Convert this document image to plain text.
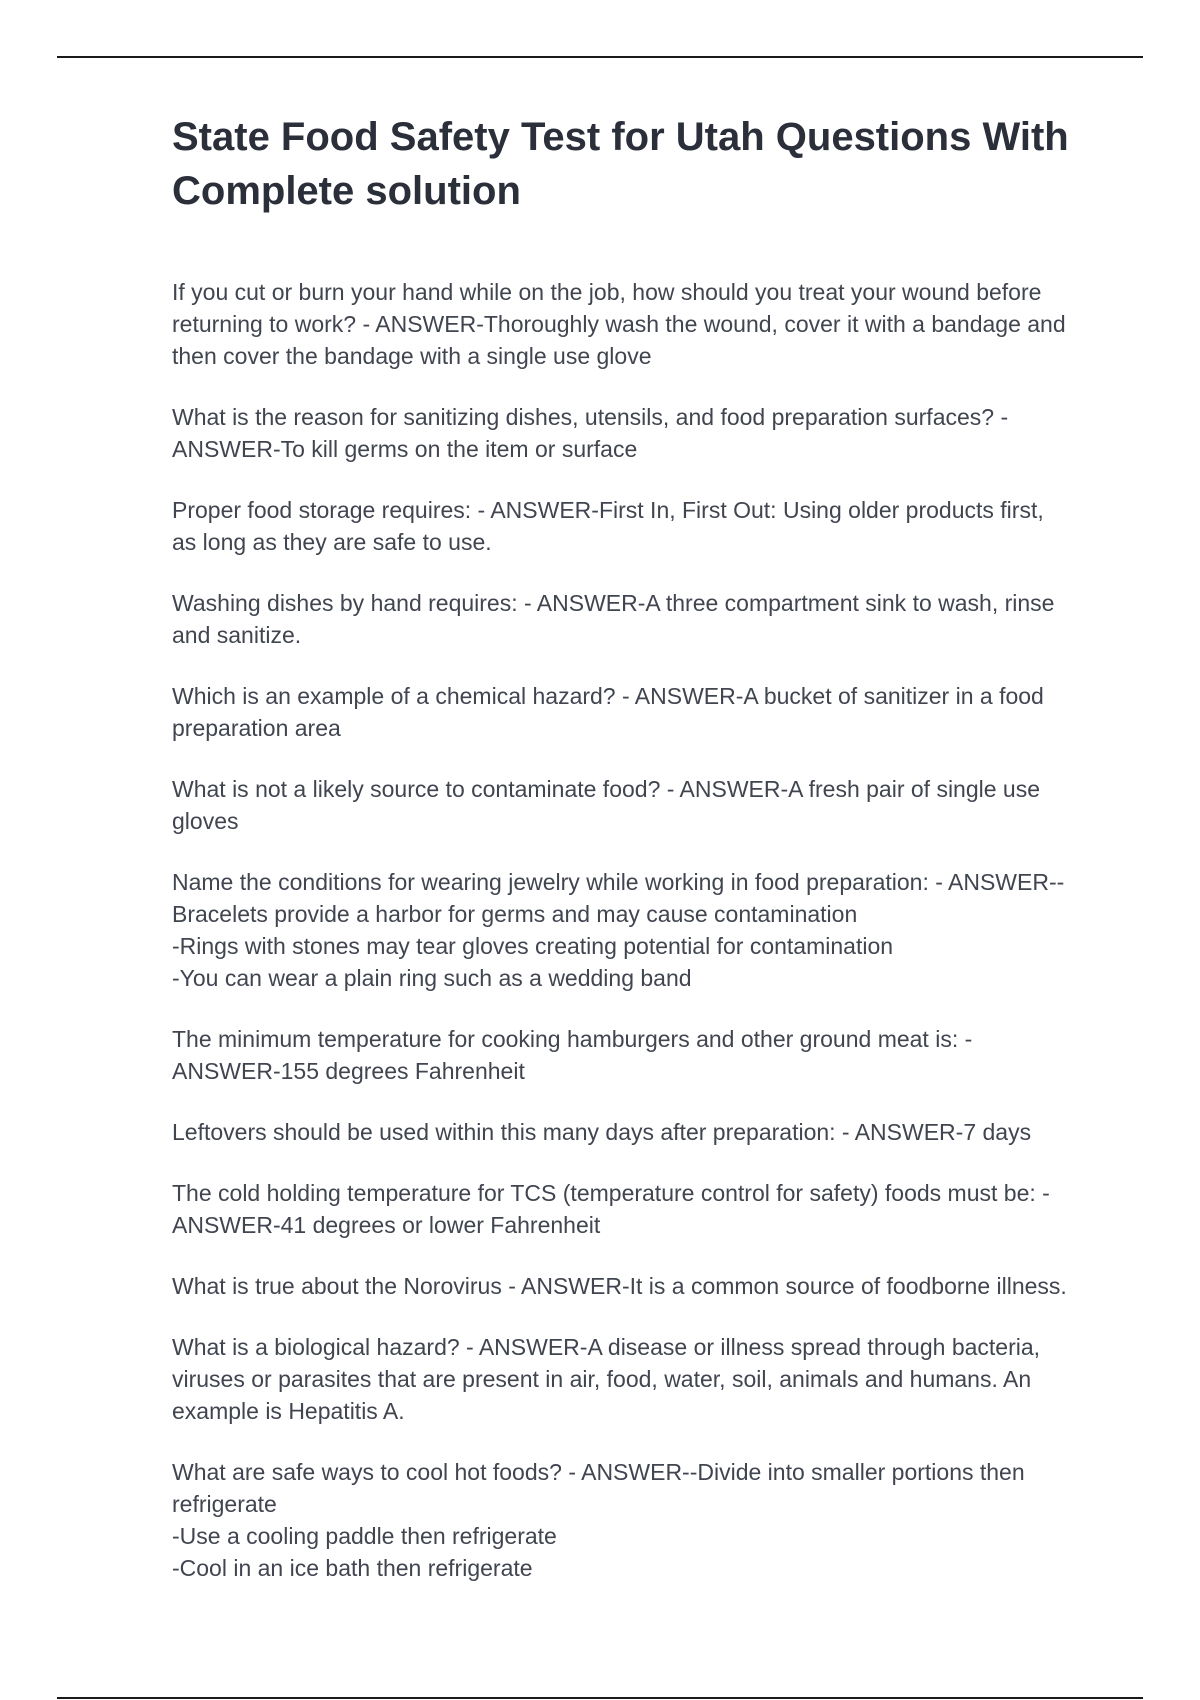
State Food Safety Test for Utah Questions With
Complete solution

If you cut or burn your hand while on the job, how should you treat your wound before
returning to work? - ANSWER-Thoroughly wash the wound, cover it with a bandage and
then cover the bandage with a single use glove

What is the reason for sanitizing dishes, utensils, and food preparation surfaces? -
ANSWER-To kill germs on the item or surface

Proper food storage requires: - ANSWER-First In, First Out: Using older products first,
as long as they are safe to use.

Washing dishes by hand requires: - ANSWER-A three compartment sink to wash, rinse
and sanitize.

Which is an example of a chemical hazard? - ANSWER-A bucket of sanitizer in a food
preparation area

What is not a likely source to contaminate food? - ANSWER-A fresh pair of single use
gloves

Name the conditions for wearing jewelry while working in food preparation: - ANSWER--
Bracelets provide a harbor for germs and may cause contamination
-Rings with stones may tear gloves creating potential for contamination
-You can wear a plain ring such as a wedding band

The minimum temperature for cooking hamburgers and other ground meat is: -
ANSWER-155 degrees Fahrenheit

Leftovers should be used within this many days after preparation: - ANSWER-7 days

The cold holding temperature for TCS (temperature control for safety) foods must be: -
ANSWER-41 degrees or lower Fahrenheit

What is true about the Norovirus - ANSWER-It is a common source of foodborne illness.

What is a biological hazard? - ANSWER-A disease or illness spread through bacteria,
viruses or parasites that are present in air, food, water, soil, animals and humans. An
example is Hepatitis A.

What are safe ways to cool hot foods? - ANSWER--Divide into smaller portions then
refrigerate
-Use a cooling paddle then refrigerate
-Cool in an ice bath then refrigerate
